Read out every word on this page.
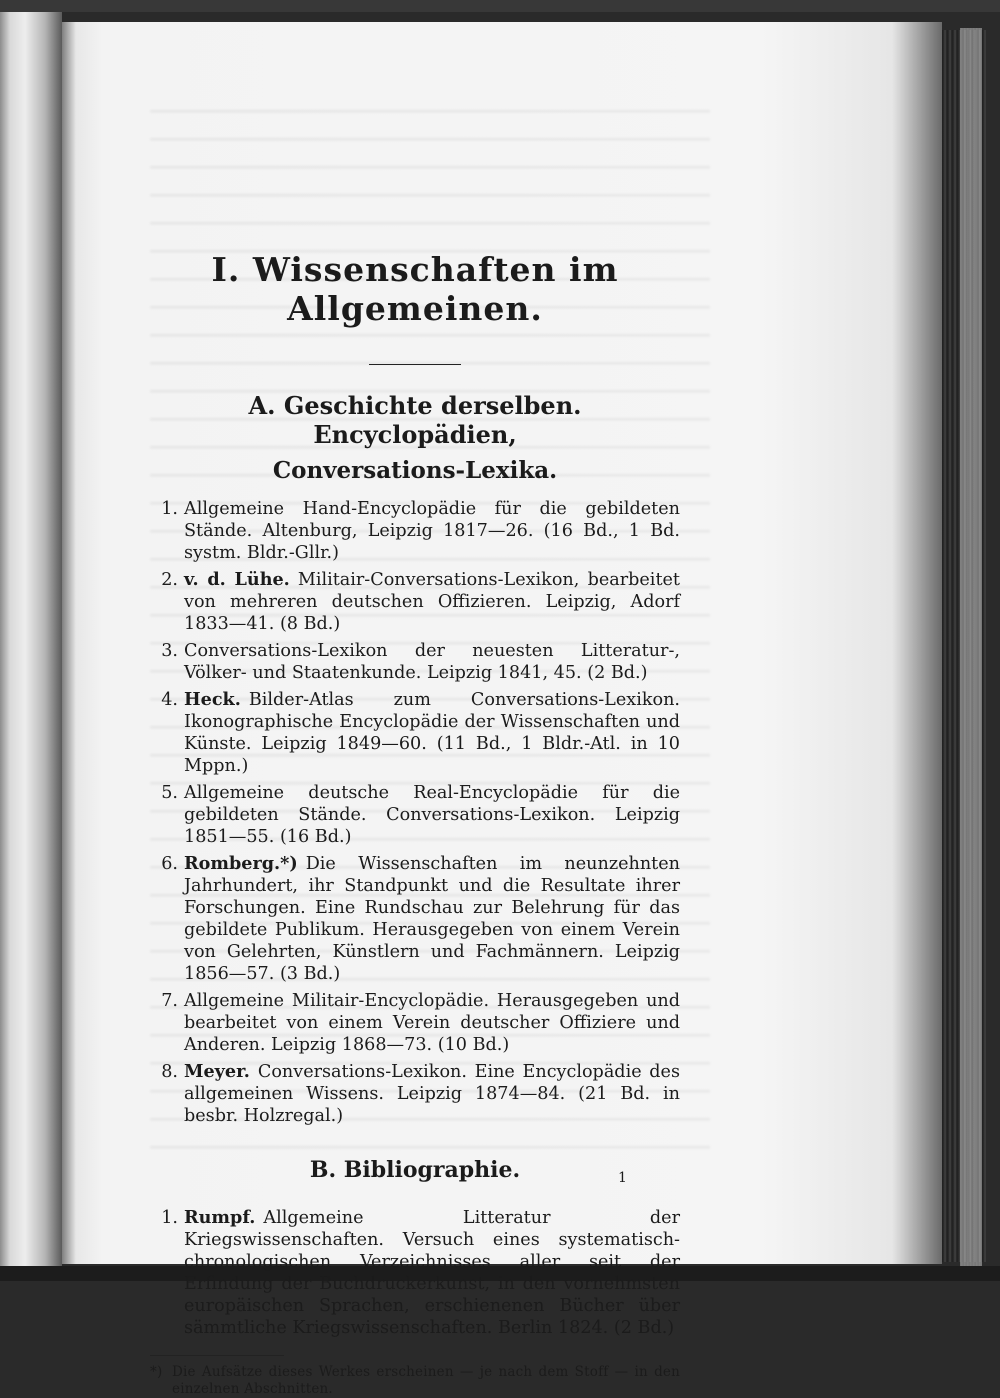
I. Wissenschaften im Allgemeinen.
A. Geschichte derselben. Encyclopädien,
Conversations-Lexika.
1. Allgemeine Hand-Encyclopädie für die gebildeten Stände. Altenburg, Leipzig 1817—26. (16 Bd., 1 Bd. systm. Bldr.-Gllr.)
2. v. d. Lühe. Militair-Conversations-Lexikon, bearbeitet von mehreren deutschen Offizieren. Leipzig, Adorf 1833—41. (8 Bd.)
3. Conversations-Lexikon der neuesten Litteratur-, Völker- und Staatenkunde. Leipzig 1841, 45. (2 Bd.)
4. Heck. Bilder-Atlas zum Conversations-Lexikon. Ikonographische Encyclopädie der Wissenschaften und Künste. Leipzig 1849—60. (11 Bd., 1 Bldr.-Atl. in 10 Mppn.)
5. Allgemeine deutsche Real-Encyclopädie für die gebildeten Stände. Conversations-Lexikon. Leipzig 1851—55. (16 Bd.)
6. Romberg.*) Die Wissenschaften im neunzehnten Jahrhundert, ihr Standpunkt und die Resultate ihrer Forschungen. Eine Rundschau zur Belehrung für das gebildete Publikum. Herausgegeben von einem Verein von Gelehrten, Künstlern und Fachmännern. Leipzig 1856—57. (3 Bd.)
7. Allgemeine Militair-Encyclopädie. Herausgegeben und bearbeitet von einem Verein deutscher Offiziere und Anderen. Leipzig 1868—73. (10 Bd.)
8. Meyer. Conversations-Lexikon. Eine Encyclopädie des allgemeinen Wissens. Leipzig 1874—84. (21 Bd. in besbr. Holzregal.)
B. Bibliographie.
1. Rumpf. Allgemeine Litteratur der Kriegswissenschaften. Versuch eines systematisch-chronologischen Verzeichnisses aller seit der Erfindung der Buchdruckerkunst, in den vornehmsten europäischen Sprachen, erschienenen Bücher über sämmtliche Kriegswissenschaften. Berlin 1824. (2 Bd.)
*) Die Aufsätze dieses Werkes erscheinen — je nach dem Stoff — in den einzelnen Abschnitten.
1
